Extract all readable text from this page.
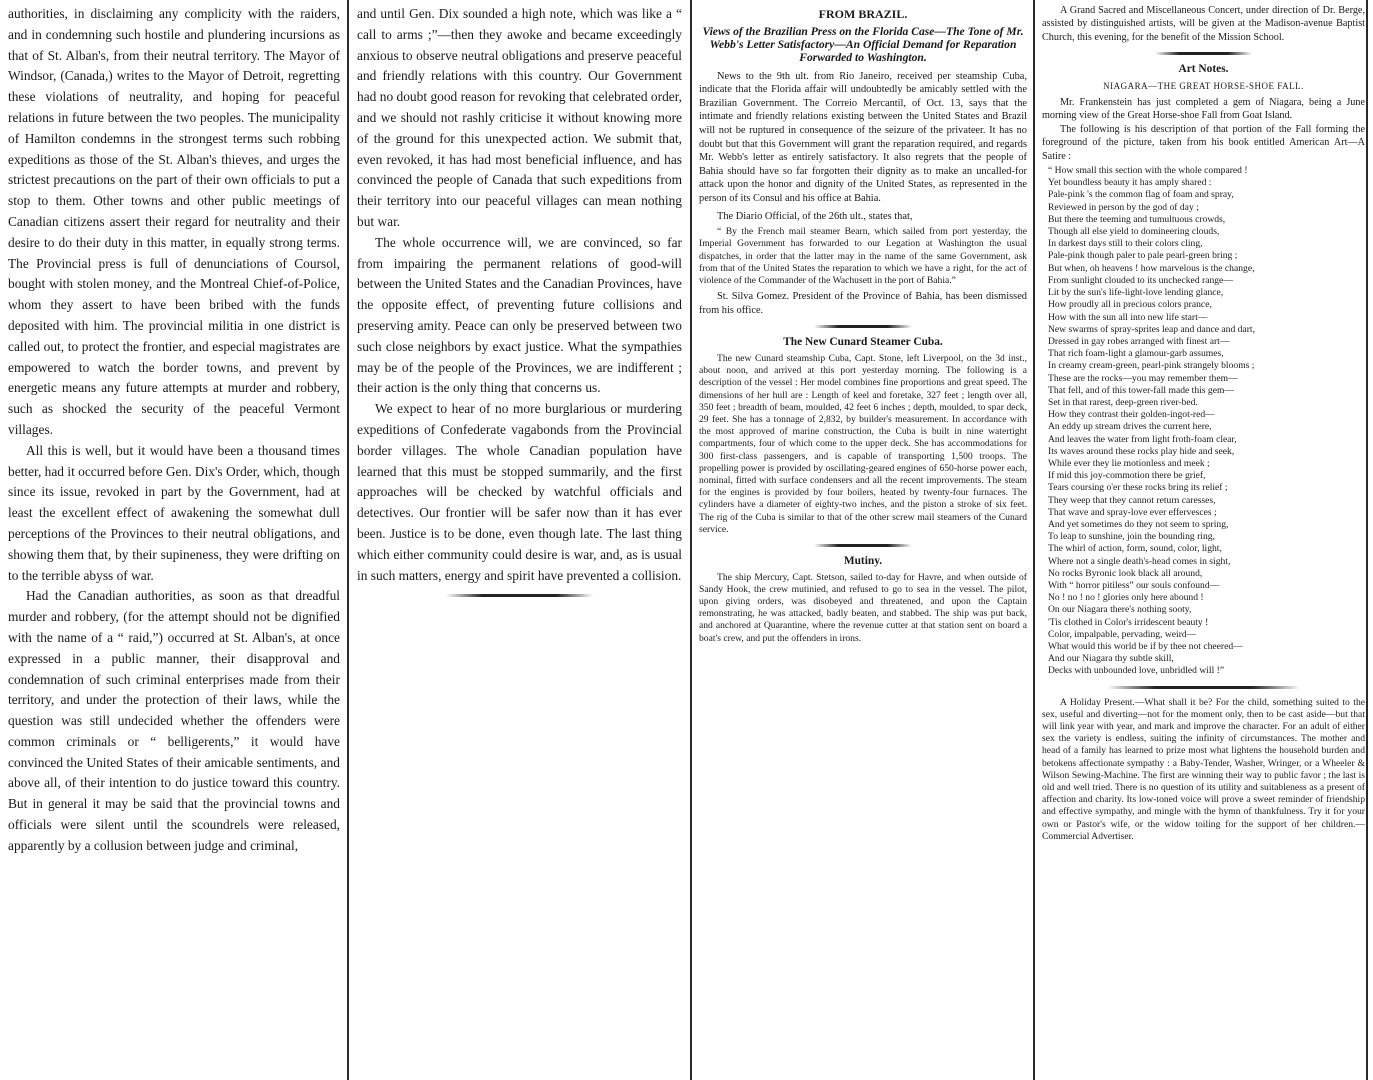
authorities, in disclaiming any complicity with the raiders, and in condemning such hostile and plundering incursions as that of St. Alban's, from their neutral territory. The Mayor of Windsor, (Canada,) writes to the Mayor of Detroit, regretting these violations of neutrality, and hoping for peaceful relations in future between the two peoples. The municipality of Hamilton condemns in the strongest terms such robbing expeditions as those of the St. Alban's thieves, and urges the strictest precautions on the part of their own officials to put a stop to them. Other towns and other public meetings of Canadian citizens assert their regard for neutrality and their desire to do their duty in this matter, in equally strong terms. The Provincial press is full of denunciations of Coursol, bought with stolen money, and the Montreal Chief-of-Police, whom they assert to have been bribed with the funds deposited with him. The provincial militia in one district is called out, to protect the frontier, and especial magistrates are empowered to watch the border towns, and prevent by energetic means any future attempts at murder and robbery, such as shocked the security of the peaceful Vermont villages.

All this is well, but it would have been a thousand times better, had it occurred before Gen. Dix's Order, which, though since its issue, revoked in part by the Government, had at least the excellent effect of awakening the somewhat dull perceptions of the Provinces to their neutral obligations, and showing them that, by their supineness, they were drifting on to the terrible abyss of war.

Had the Canadian authorities, as soon as that dreadful murder and robbery, (for the attempt should not be dignified with the name of a “ raid,”) occurred at St. Alban's, at once expressed in a public manner, their disapproval and condemnation of such criminal enterprises made from their territory, and under the protection of their laws, while the question was still undecided whether the offenders were common criminals or “ belligerents,” it would have convinced the United States of their amicable sentiments, and above all, of their intention to do justice toward this country. But in general it may be said that the provincial towns and officials were silent until the scoundrels were released, apparently by a collusion between judge and criminal,

and until Gen. Dix sounded a high note, which was like a “ call to arms ;”—then they awoke and became exceedingly anxious to observe neutral obligations and preserve peaceful and friendly relations with this country. Our Government had no doubt good reason for revoking that celebrated order, and we should not rashly criticise it without knowing more of the ground for this unexpected action. We submit that, even revoked, it has had most beneficial influence, and has convinced the people of Canada that such expeditions from their territory into our peaceful villages can mean nothing but war.

The whole occurrence will, we are convinced, so far from impairing the permanent relations of good-will between the United States and the Canadian Provinces, have the opposite effect, of preventing future collisions and preserving amity. Peace can only be preserved between two such close neighbors by exact justice. What the sympathies may be of the people of the Provinces, we are indifferent ; their action is the only thing that concerns us.

We expect to hear of no more burglarious or murdering expeditions of Confederate vagabonds from the Provincial border villages. The whole Canadian population have learned that this must be stopped summarily, and the first approaches will be checked by watchful officials and detectives. Our frontier will be safer now than it has ever been. Justice is to be done, even though late. The last thing which either community could desire is war, and, as is usual in such matters, energy and spirit have prevented a collision.

FROM BRAZIL.
Views of the Brazilian Press on the Florida Case—The Tone of Mr. Webb's Letter Satisfactory—An Official Demand for Reparation Forwarded to Washington.

News to the 9th ult. from Rio Janeiro, received per steamship Cuba, indicate that the Florida affair will undoubtedly be amicably settled with the Brazilian Government. The Correio Mercantil, of Oct. 13, says that the intimate and friendly relations existing between the United States and Brazil will not be ruptured in consequence of the seizure of the privateer. It has no doubt but that this Government will grant the reparation required, and regards Mr. Webb's letter as entirely satisfactory. It also regrets that the people of Bahia should have so far forgotten their dignity as to make an uncalled-for attack upon the honor and dignity of the United States, as represented in the person of its Consul and his office at Bahia.

The Diario Official, of the 26th ult., states that,

“ By the French mail steamer Bearn, which sailed from port yesterday, the Imperial Government has forwarded to our Legation at Washington the usual dispatches, in order that the latter may in the name of the same Government, ask from that of the United States the reparation to which we have a right, for the act of violence of the Commander of the Wachusett in the port of Bahia.”

St. Silva Gomez. President of the Province of Bahia, has been dismissed from his office.

The New Cunard Steamer Cuba.

The new Cunard steamship Cuba, Capt. Stone, left Liverpool, on the 3d inst., about noon, and arrived at this port yesterday morning. The following is a description of the vessel : Her model combines fine proportions and great speed. The dimensions of her hull are : Length of keel and foretake, 327 feet ; length over all, 350 feet ; breadth of beam, moulded, 42 feet 6 inches ; depth, moulded, to spar deck, 29 feet. She has a tonnage of 2,832, by builder's measurement. In accordance with the most approved of marine construction, the Cuba is built in nine watertight compartments, four of which come to the upper deck. She has accommodations for 300 first-class passengers, and is capable of transporting 1,500 troops. The propelling power is provided by oscillating-geared engines of 650-horse power each, nominal, fitted with surface condensers and all the recent improvements. The steam for the engines is provided by four boilers, heated by twenty-four furnaces. The cylinders have a diameter of eighty-two inches, and the piston a stroke of six feet. The rig of the Cuba is similar to that of the other screw mail steamers of the Cunard service.

Mutiny.

The ship Mercury, Capt. Stetson, sailed to-day for Havre, and when outside of Sandy Hook, the crew mutinied, and refused to go to sea in the vessel. The pilot, upon giving orders, was disobeyed and threatened, and upon the Captain remonstrating, he was attacked, badly beaten, and stabbed. The ship was put back, and anchored at Quarantine, where the revenue cutter at that station sent on board a boat's crew, and put the offenders in irons.

A Grand Sacred and Miscellaneous Concert, under direction of Dr. Berge, assisted by distinguished artists, will be given at the Madison-avenue Baptist Church, this evening, for the benefit of the Mission School.

Art Notes.
NIAGARA—THE GREAT HORSE-SHOE FALL.

Mr. Frankenstein has just completed a gem of Niagara, being a June morning view of the Great Horse-shoe Fall from Goat Island.

The following is his description of that portion of the Fall forming the foreground of the picture, taken from his book entitled American Art—A Satire :

“ How small this section with the whole compared !
Yet boundless beauty it has amply shared :
Pale-pink 's the common flag of foam and spray,
Reviewed in person by the god of day ;
But there the teeming and tumultuous crowds,
Though all else yield to domineering clouds,
In darkest days still to their colors cling,
Pale-pink though paler to pale pearl-green bring ;
But when, oh heavens ! how marvelous is the change,
From sunlight clouded to its unchecked range—
Lit by the sun's life-light-love lending glance,
How proudly all in precious colors prance,
How with the sun all into new life start—
New swarms of spray-sprites leap and dance and dart,
Dressed in gay robes arranged with finest art—
That rich foam-light a glamour-garb assumes,
In creamy cream-green, pearl-pink strangely blooms ;
These are the rocks—you may remember them—
That fell, and of this tower-fall made this gem—
Set in that rarest, deep-green river-bed.
How they contrast their golden-ingot-red—
An eddy up stream drives the current here,
And leaves the water from light froth-foam clear,
Its waves around these rocks play hide and seek,
While ever they lie motionless and meek ;
If mid this joy-commotion there be grief,
Tears coursing o'er these rocks bring its relief ;
They weep that they cannot return caresses,
That wave and spray-love ever effervesces ;
And yet sometimes do they not seem to spring,
To leap to sunshine, join the bounding ring,
The whirl of action, form, sound, color, light,
Where not a single death's-head comes in sight,
No rocks Byronic look black all around,
With “ horror pitiless” our souls confound—
No ! no ! no ! glories only here abound !
On our Niagara there's nothing sooty,
'Tis clothed in Color's irridescent beauty !
Color, impalpable, pervading, weird—
What would this world be if by thee not cheered—
And our Niagara thy subtle skill,
Decks with unbounded love, unbridled will !”

A Holiday Present.—What shall it be? For the child, something suited to the sex, useful and diverting—not for the moment only, then to be cast aside—but that will link year with year, and mark and improve the character. For an adult of either sex the variety is endless, suiting the infinity of circumstances. The mother and head of a family has learned to prize most what lightens the household burden and betokens affectionate sympathy : a Baby-Tender, Washer, Wringer, or a Wheeler & Wilson Sewing-Machine. The first are winning their way to public favor ; the last is old and well tried. There is no question of its utility and suitableness as a present of affection and charity. Its low-toned voice will prove a sweet reminder of friendship and effective sympathy, and mingle with the hymn of thankfulness. Try it for your own or Pastor's wife, or the widow toiling for the support of her children.—Commercial Advertiser.
